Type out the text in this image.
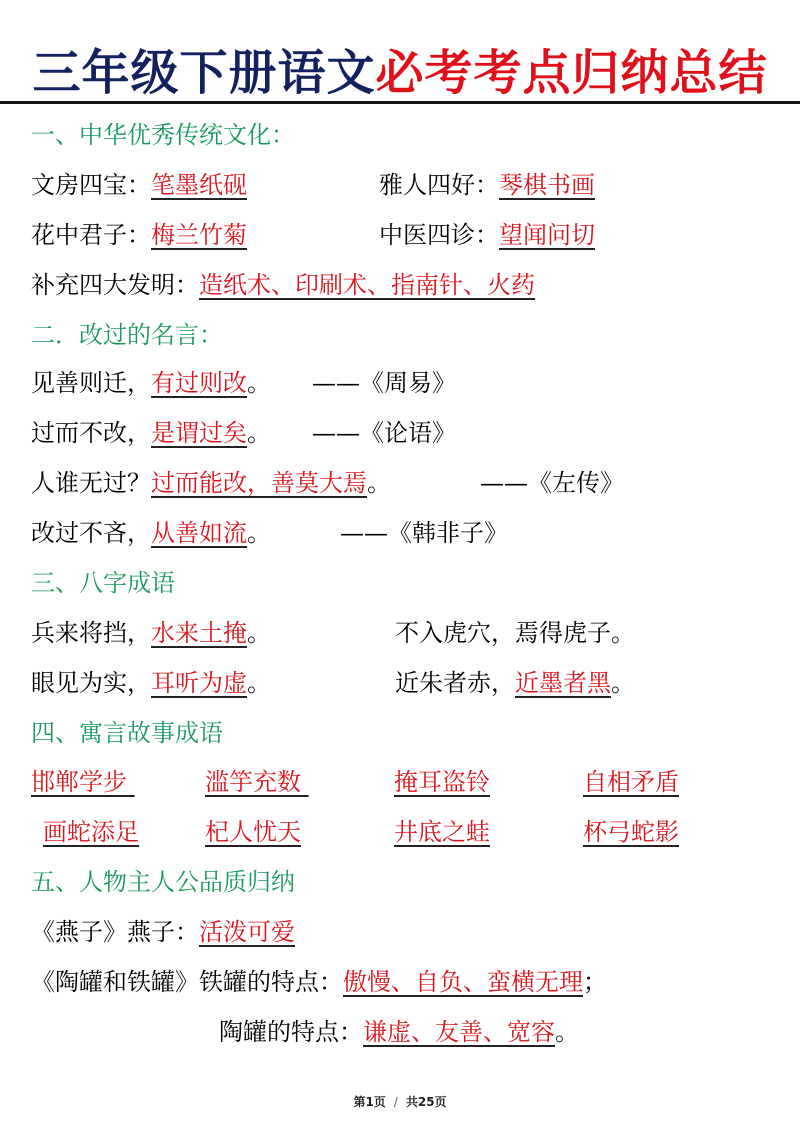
三年级下册语文必考考点归纳总结
一、中华优秀传统文化：
文房四宝：笔墨纸砚	雅人四好：琴棋书画
花中君子：梅兰竹菊	中医四诊：望闻问切
补充四大发明：造纸术、印刷术、指南针、火药
二．改过的名言：
见善则迁，有过则改。 ——《周易》
过而不改，是谓过矣。 ——《论语》
人谁无过？过而能改，善莫大焉。	——《左传》
改过不吝，从善如流。	——《韩非子》
三、八字成语
兵来将挡，水来土掩。	不入虎穴，焉得虎子。
眼见为实，耳听为虚。	近朱者赤，近墨者黑。
四、寓言故事成语
邯郸学步	滥竽充数	掩耳盗铃	自相矛盾
画蛇添足	杞人忧天	井底之蛙	杯弓蛇影
五、人物主人公品质归纳
《燕子》燕子：活泼可爱
《陶罐和铁罐》铁罐的特点：傲慢、自负、蛮横无理；
陶罐的特点：谦虚、友善、宽容。
第1页 / 共25页
